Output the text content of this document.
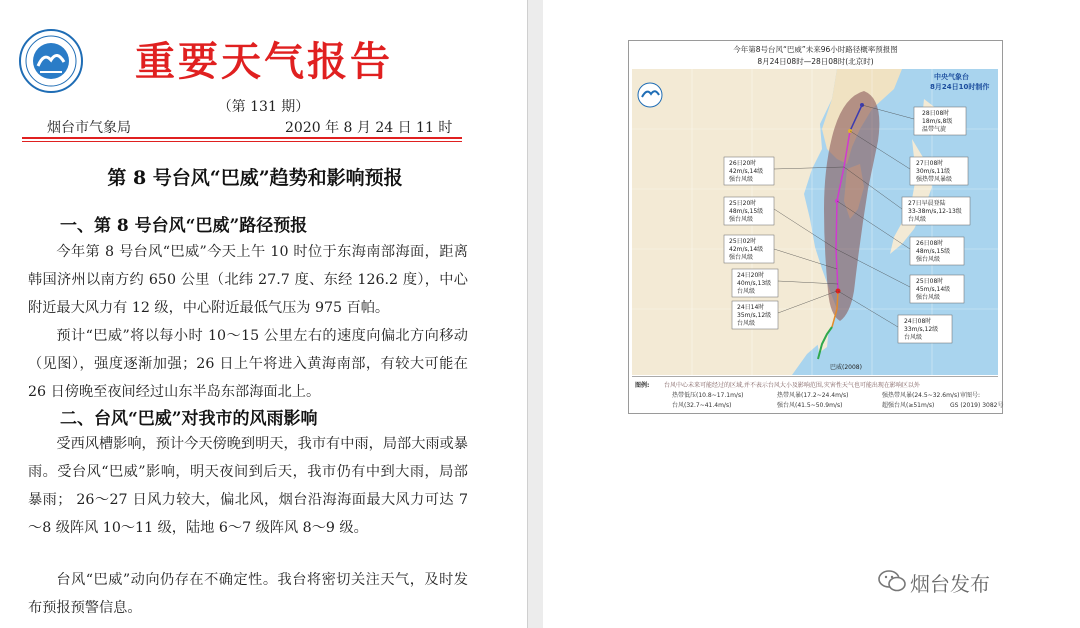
重要天气报告
（第 131 期）
烟台市气象局	2020 年 8 月 24 日 11 时
第 8 号台风“巴威”趋势和影响预报
一、第 8 号台风“巴威”路径预报
今年第 8 号台风“巴威”今天上午 10 时位于东海南部海面，距离韩国济州以南方约 650 公里（北纬 27.7 度、东经 126.2 度），中心附近最大风力有 12 级，中心附近最低气压为 975 百帕。
预计“巴威”将以每小时 10～15 公里左右的速度向偏北方向移动（见图），强度逐渐加强；26 日上午将进入黄海南部，有较大可能在 26 日傍晚至夜间经过山东半岛东部海面北上。
二、台风“巴威”对我市的风雨影响
受西风槽影响，预计今天傍晚到明天，我市有中雨，局部大雨或暴雨。受台风“巴威”影响，明天夜间到后天，我市仍有中到大雨，局部暴雨； 26～27 日风力较大，偏北风，烟台沿海海面最大风力可达 7～8 级阵风 10～11 级，陆地 6～7 级阵风 8～9 级。
台风“巴威”动向仍存在不确定性。我台将密切关注天气，及时发布预报预警信息。
今年第8号台风“巴威”未来96小时路径概率预报图
8月24日08时—28日08时(北京时)
28日08时
18m/s,8级
温带气旋
27日08时
30m/s,11级
强热带风暴级
27日早晨登陆
33-38m/s,12-13级
台风级
26日08时
48m/s,15级
强台风级
25日08时
45m/s,14级
强台风级
24日08时
33m/s,12级
台风级
26日20时
42m/s,14级
强台风级
25日20时
48m/s,15级
强台风级
25日02时
42m/s,14级
强台风级
24日20时
40m/s,13级
台风级
24日14时
35m/s,12级
台风级
中央气象台
8月24日10时制作
巴威(2008)
图例: 台风中心未来可能经过的区域,并不表示台风大小及影响范围,灾害性天气也可能出现在影响区以外
热带低压(10.8~17.1m/s)	热带风暴(17.2~24.4m/s)	强热带风暴(24.5~32.6m/s)
台风(32.7~41.4m/s)	强台风(41.5~50.9m/s)	超强台风(≥51m/s)
审图号:
GS (2019) 3082号
烟台发布
